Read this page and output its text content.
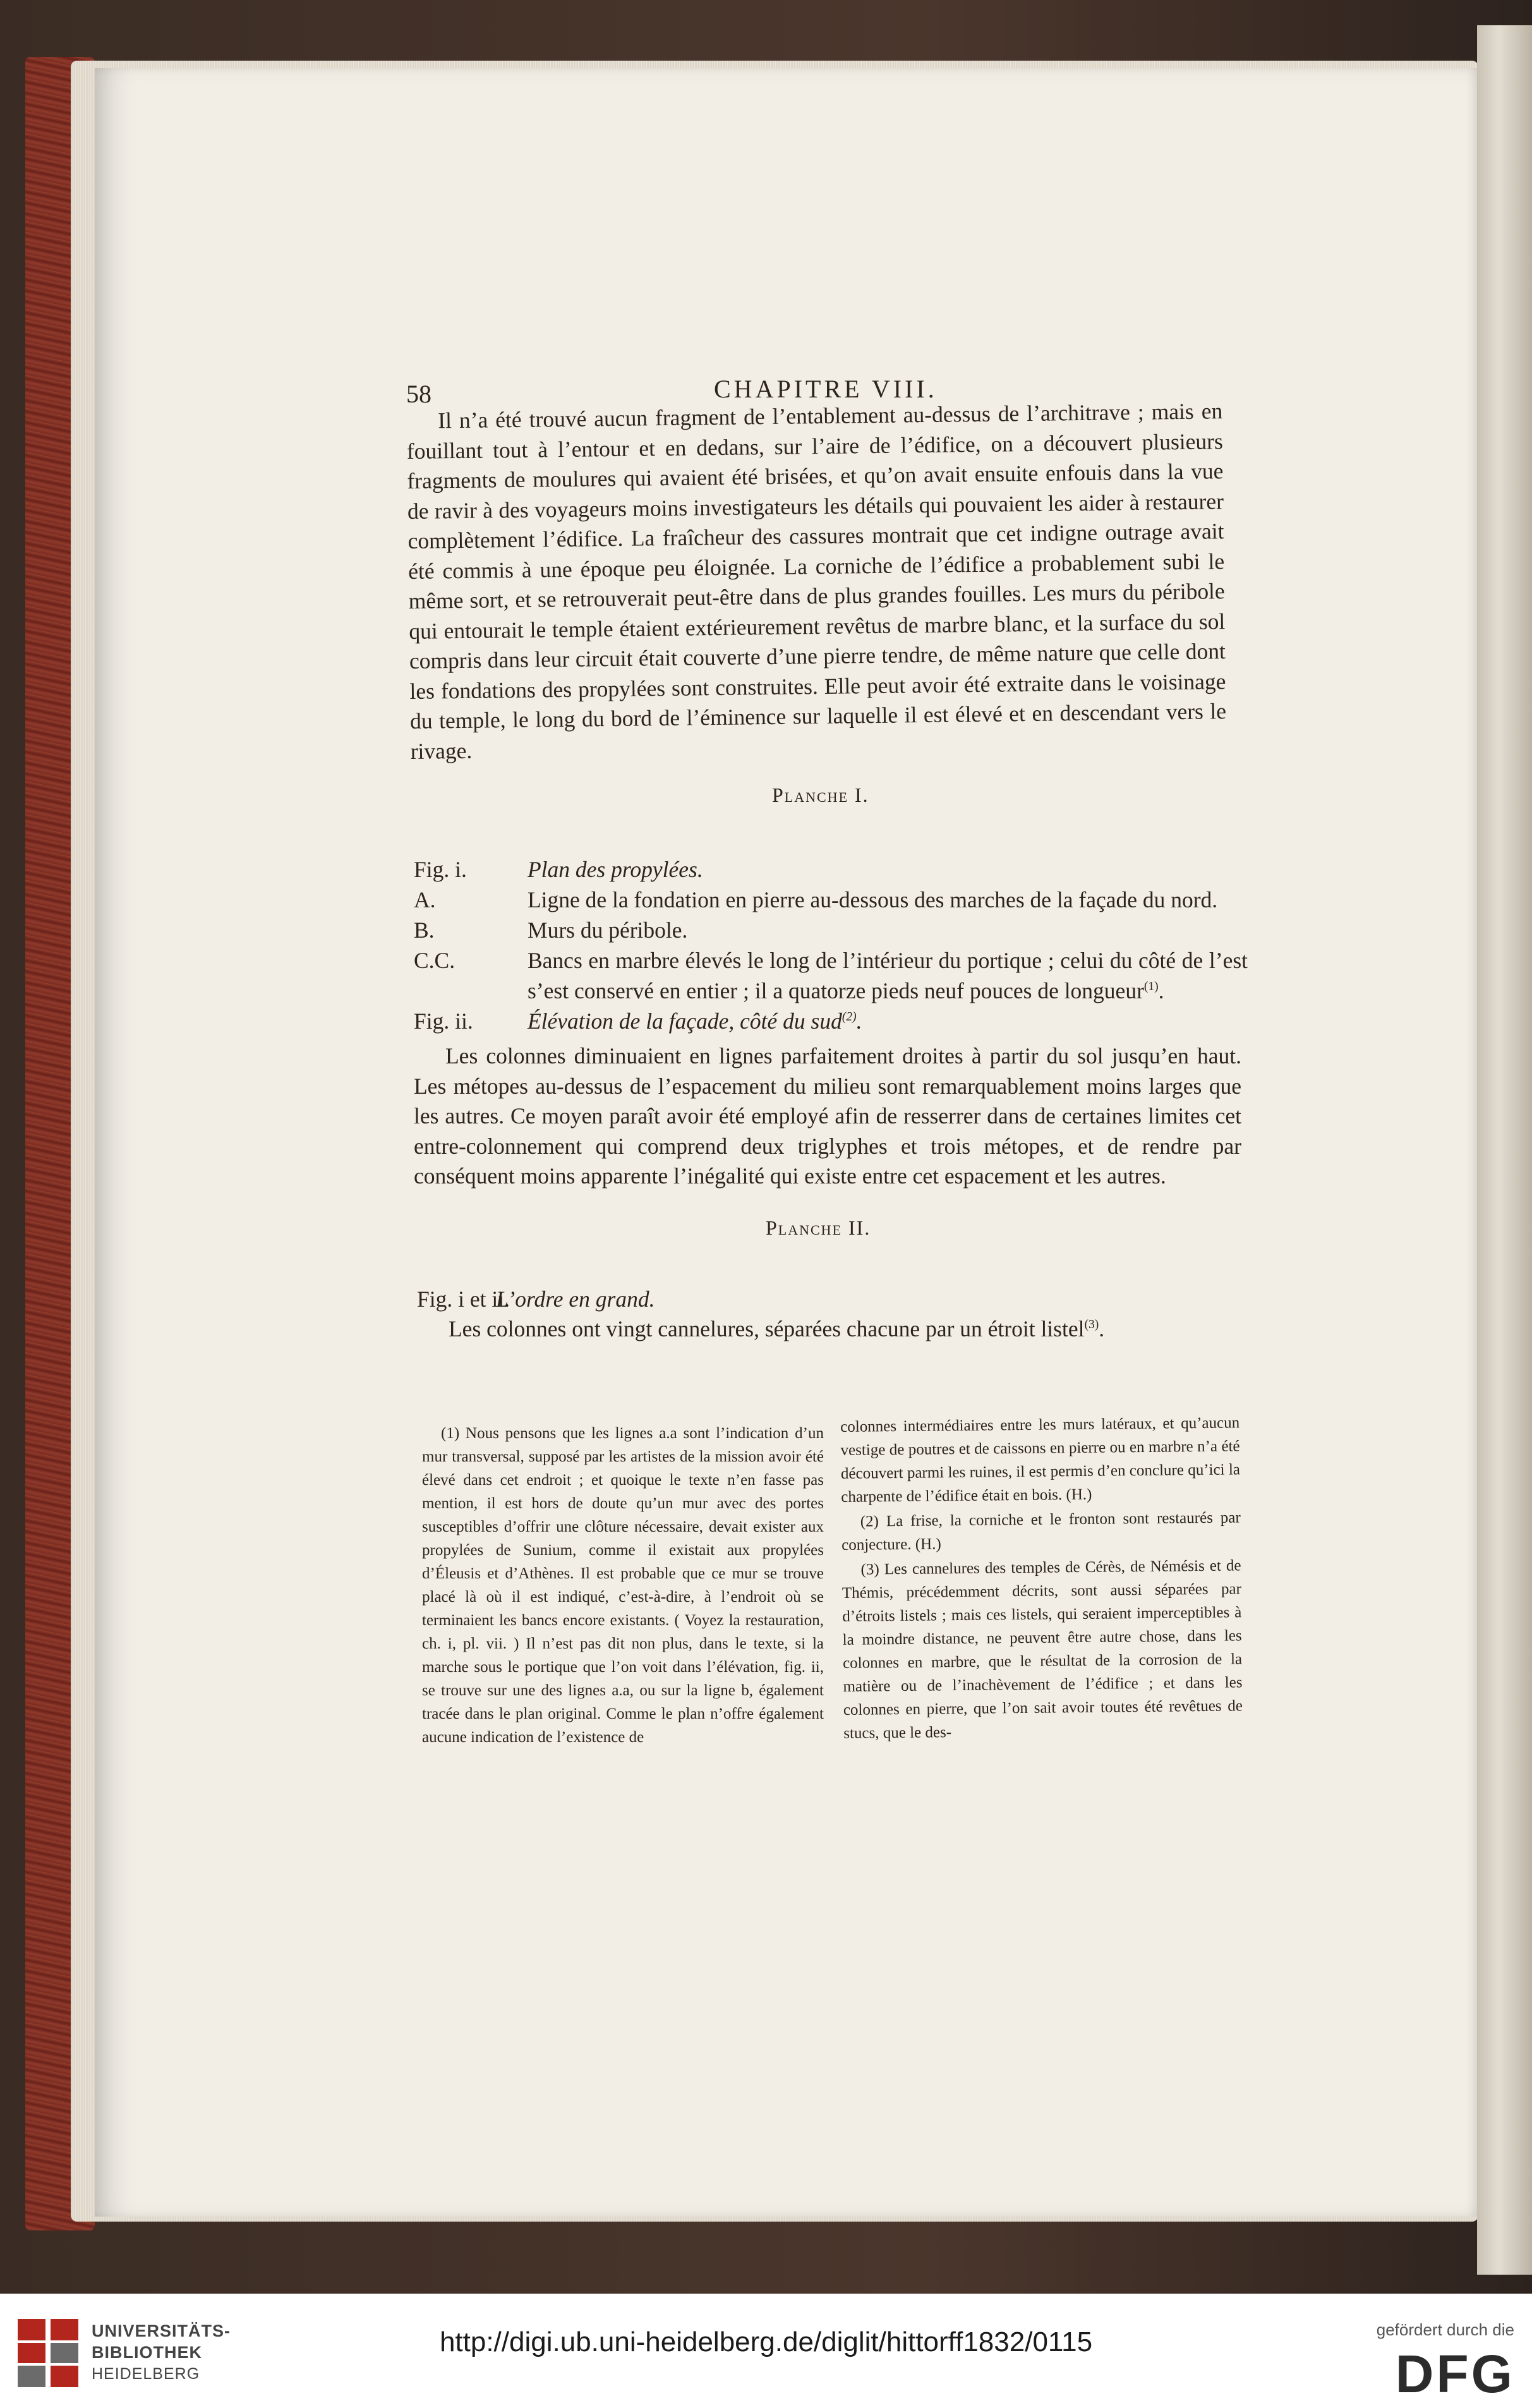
58	CHAPITRE VIII.

Il n’a été trouvé aucun fragment de l’entablement au-dessus de l’architrave ; mais en fouillant tout à l’entour et en dedans, sur l’aire de l’édifice, on a découvert plusieurs fragments de moulures qui avaient été brisées, et qu’on avait ensuite enfouis dans la vue de ravir à des voyageurs moins investigateurs les détails qui pouvaient les aider à restaurer complètement l’édifice. La fraîcheur des cassures montrait que cet indigne outrage avait été commis à une époque peu éloignée. La corniche de l’édifice a probablement subi le même sort, et se retrouverait peut-être dans de plus grandes fouilles. Les murs du péribole qui entourait le temple étaient extérieurement revêtus de marbre blanc, et la surface du sol compris dans leur circuit était couverte d’une pierre tendre, de même nature que celle dont les fondations des propylées sont construites. Elle peut avoir été extraite dans le voisinage du temple, le long du bord de l’éminence sur laquelle il est élevé et en descendant vers le rivage.

Planche I.
Fig. i.	Plan des propylées.
A.	Ligne de la fondation en pierre au-dessous des marches de la façade du nord.
B.	Murs du péribole.
C.C.	Bancs en marbre élevés le long de l’intérieur du portique ; celui du côté de l’est s’est conservé en entier ; il a quatorze pieds neuf pouces de longueur$^{(1)}$.
Fig. ii. Élévation de la façade, côté du sud$^{(2)}$.

Les colonnes diminuaient en lignes parfaitement droites à partir du sol jusqu’en haut. Les métopes au-dessus de l’espacement du milieu sont remarquablement moins larges que les autres. Ce moyen paraît avoir été employé afin de resserrer dans de certaines limites cet entre-colonnement qui comprend deux triglyphes et trois métopes, et de rendre par conséquent moins apparente l’inégalité qui existe entre cet espacement et les autres.

Planche II.
Fig. i et ii.
L’ordre en grand.

Les colonnes ont vingt cannelures, séparées chacune par un étroit listel$^{(3)}$.

(1) Nous pensons que les lignes a.a sont l’indication d’un mur transversal, supposé par les artistes de la mission avoir été élevé dans cet endroit ; et quoique le texte n’en fasse pas mention, il est hors de doute qu’un mur avec des portes susceptibles d’offrir une clôture nécessaire, devait exister aux propylées de Sunium, comme il existait aux propylées d’Éleusis et d’Athènes. Il est probable que ce mur se trouve placé là où il est indiqué, c’est-à-dire, à l’endroit où se terminaient les bancs encore existants. ( Voyez la restauration, ch. i, pl. vii. ) Il n’est pas dit non plus, dans le texte, si la marche sous le portique que l’on voit dans l’élévation, fig. ii, se trouve sur une des lignes a.a, ou sur la ligne b, également tracée dans le plan original. Comme le plan n’offre également aucune indication de l’existence de

colonnes intermédiaires entre les murs latéraux, et qu’aucun vestige de poutres et de caissons en pierre ou en marbre n’a été découvert parmi les ruines, il est permis d’en conclure qu’ici la charpente de l’édifice était en bois. (H.)

(2) La frise, la corniche et le fronton sont restaurés par conjecture. (H.)

(3) Les cannelures des temples de Cérès, de Némésis et de Thémis, précédemment décrits, sont aussi séparées par d’étroits listels ; mais ces listels, qui seraient imperceptibles à la moindre distance, ne peuvent être autre chose, dans les colonnes en marbre, que le résultat de la corrosion de la matière ou de l’inachèvement de l’édifice ; et dans les colonnes en pierre, que l’on sait avoir toutes été revêtues de stucs, que le des-

UNIVERSITÄTS-
BIBLIOTHEK
HEIDELBERG
http://digi.ub.uni-heidelberg.de/diglit/hittorff1832/0115	gefördert durch die
DFG
